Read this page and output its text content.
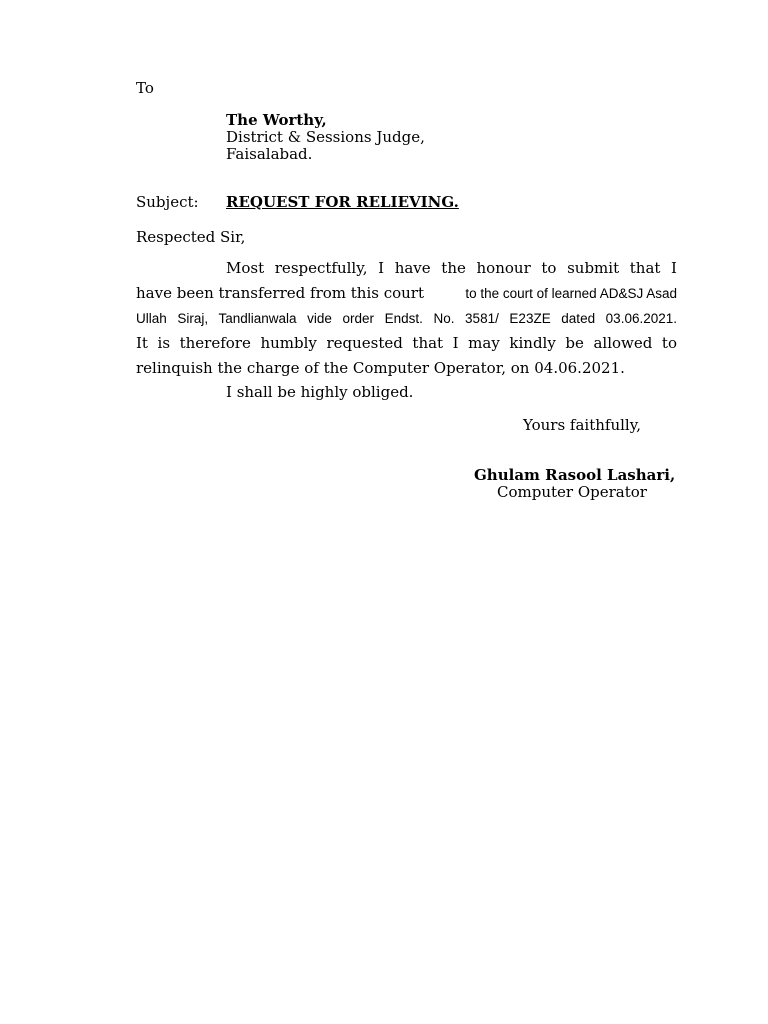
To

The Worthy,
District & Sessions Judge,
Faisalabad.

Subject: REQUEST FOR RELIEVING.

Respected Sir,

Most respectfully, I have the honour to submit that I
have been transferred from this court	to the court of learned AD&SJ Asad
Ullah Siraj, Tandlianwala vide order Endst. No. 3581/ E23ZE dated 03.06.2021.
It is therefore humbly requested that I may kindly be allowed to
relinquish the charge of the Computer Operator, on 04.06.2021.

I shall be highly obliged.

Yours faithfully,

Ghulam Rasool Lashari,

Computer Operator
